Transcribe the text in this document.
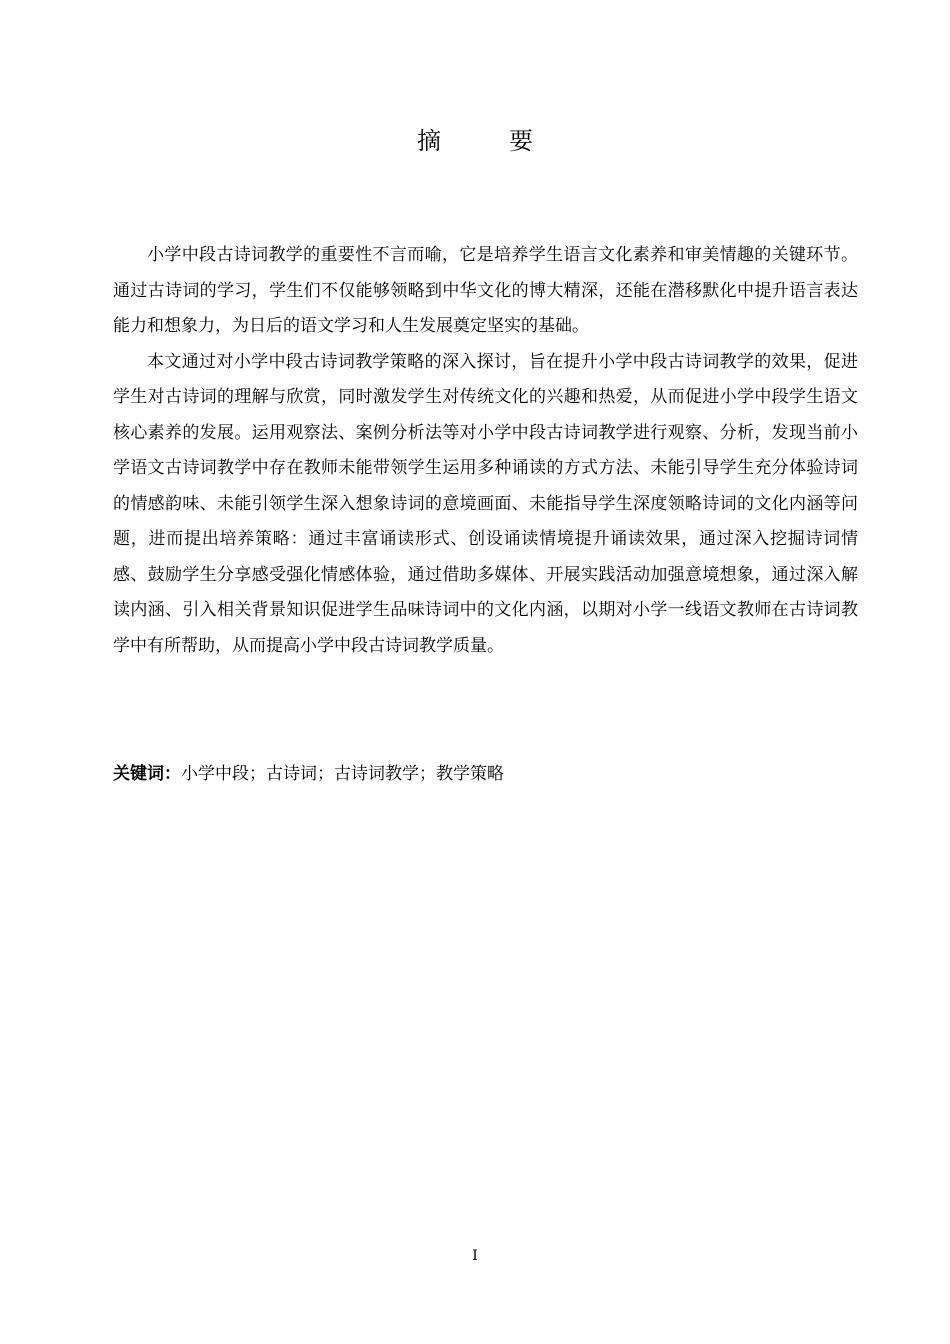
摘　要

小学中段古诗词教学的重要性不言而喻，它是培养学生语言文化素养和审美情趣的关键环节。通过古诗词的学习，学生们不仅能够领略到中华文化的博大精深，还能在潜移默化中提升语言表达能力和想象力，为日后的语文学习和人生发展奠定坚实的基础。

本文通过对小学中段古诗词教学策略的深入探讨，旨在提升小学中段古诗词教学的效果，促进学生对古诗词的理解与欣赏，同时激发学生对传统文化的兴趣和热爱，从而促进小学中段学生语文核心素养的发展。运用观察法、案例分析法等对小学中段古诗词教学进行观察、分析，发现当前小学语文古诗词教学中存在教师未能带领学生运用多种诵读的方式方法、未能引导学生充分体验诗词的情感韵味、未能引领学生深入想象诗词的意境画面、未能指导学生深度领略诗词的文化内涵等问题，进而提出培养策略：通过丰富诵读形式、创设诵读情境提升诵读效果，通过深入挖掘诗词情感、鼓励学生分享感受强化情感体验，通过借助多媒体、开展实践活动加强意境想象，通过深入解读内涵、引入相关背景知识促进学生品味诗词中的文化内涵，以期对小学一线语文教师在古诗词教学中有所帮助，从而提高小学中段古诗词教学质量。

关键词：小学中段；古诗词；古诗词教学；教学策略
I
